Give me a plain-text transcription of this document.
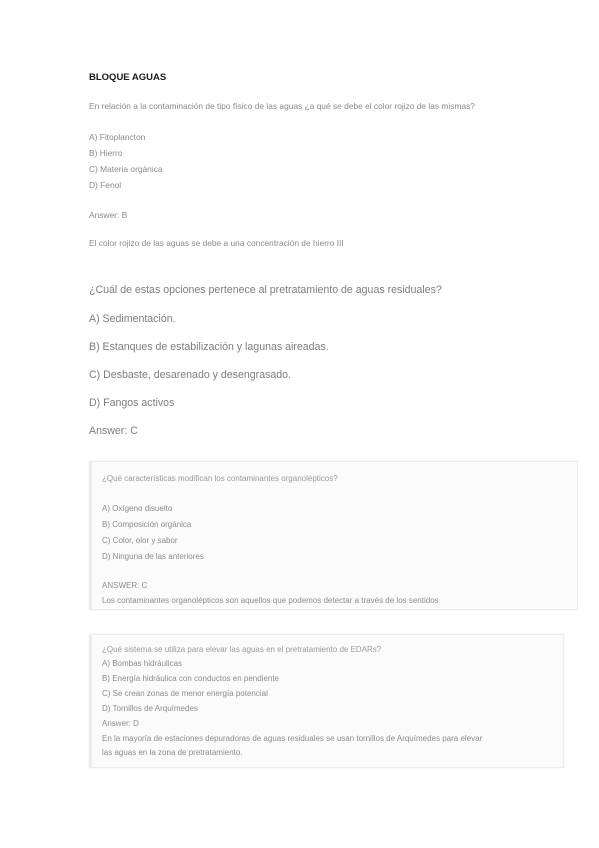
BLOQUE AGUAS
En relación a la contaminación de tipo físico de las aguas ¿a qué se debe el color rojizo de las mismas?
A) Fitoplancton
B) Hierro
C) Materia orgánica
D) Fenol
Answer: B
El color rojizo de las aguas se debe a una concentración de hierro III
¿Cuál de estas opciones pertenece al pretratamiento de aguas residuales?
A) Sedimentación.
B) Estanques de estabilización y lagunas aireadas.
C) Desbaste, desarenado y desengrasado.
D) Fangos activos
Answer: C
¿Qué características modifican los contaminantes organolépticos?
A) Oxígeno disuelto
B) Composición orgánica
C) Color, olor y sabor
D) Ninguna de las anteriores
ANSWER: C
Los contaminantes organolépticos son aquellos que podemos detectar a través de los sentidos
¿Qué sistema se utiliza para elevar las aguas en el pretratamiento de EDARs?
A) Bombas hidráulicas
B) Energía hidráulica con conductos en pendiente
C) Se crean zonas de menor energía potencial
D) Tornillos de Arquímedes
Answer: D
En la mayoría de estaciones depuradoras de aguas residuales se usan tornillos de Arquímedes para elevar
las aguas en la zona de pretratamiento.
